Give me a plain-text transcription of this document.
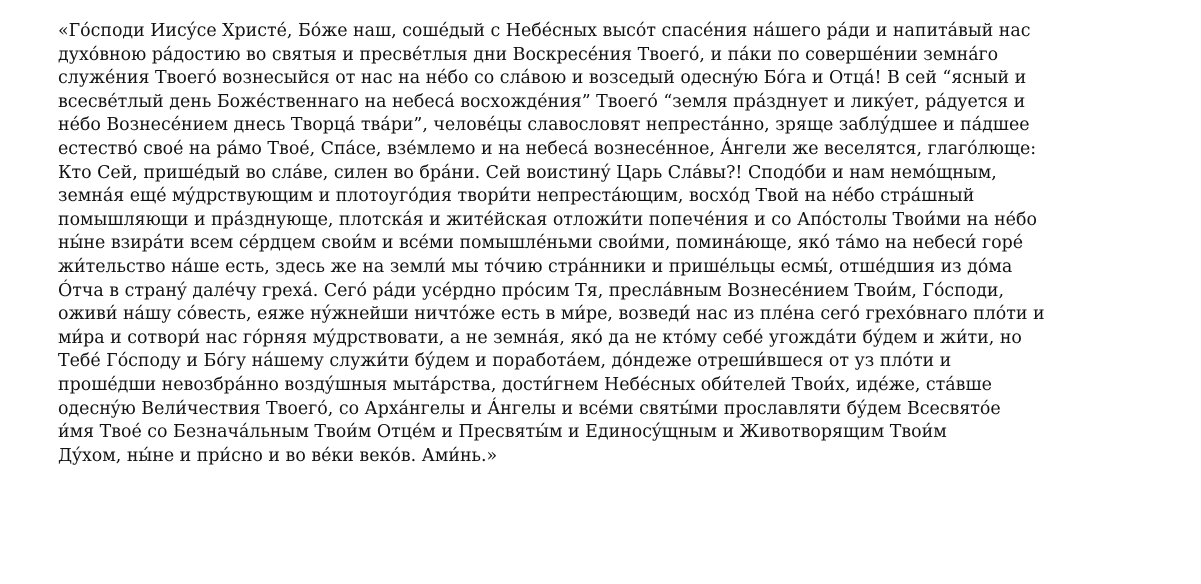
«Гóсподи Иисýсе Христé, Бóже наш, сошéдый с Небéсных высóт спасéния нáшего рáди и напитáвый нас
духóвною рáдостию во святыя и пресвéтлыя дни Воскресéния Твоегó, и пáки по совершéнии земнáго
служéния Твоегó вознесыйся от нас на нéбо со слáвою и возседый одеснýю Бóга и Отцá! В сей “ясный и
всесвéтлый день Божéственнаго на небесá восхождéния” Твоегó “земля прáзднует и ликýет, рáдуется и
нéбо Вознесéнием днесь Творцá твáри”, человéцы славословят непрестáнно, зряще заблýдшее и пáдшее
естествó своé на рáмо Твоé, Спáсе, взéмлемо и на небесá вознесéнное, Áнгели же веселятся, глагóлюще:
Кто Сей, пришéдый во слáве, силен во брáни. Сей воистинý Царь Слáвы?! Сподóби и нам немóщным,
земнáя ещé мýдрствующим и плотоугóдия твори́ти непрестáющим, восхóд Твой на нéбо стрáшный
помышляющи и прáзднующе, плотскáя и житéйская отложи́ти попечéния и со Апóстолы Твои́ми на нéбо
ны́не взирáти всем сéрдцем свои́м и всéми помышлéньми свои́ми, поминáюще, якó тáмо на небеси́ горé
жи́тельство нáше есть, здесь же на земли́ мы тóчию стрáнники и пришéльцы есмы́, отшéдшия из дóма
Óтча в странý далéчу грехá. Сегó рáди усéрдно прóсим Тя, преслáвным Вознесéнием Твои́м, Гóсподи,
оживи́ нáшу сóвесть, еяже нýжнейши ничтóже есть в ми́ре, возведи́ нас из плéна сегó грехóвнаго плóти и
ми́ра и сотвори́ нас гóрняя мýдрствовати, а не земнáя, якó да не ктóму себé угождáти бýдем и жи́ти, но
Тебé Гóсподу и Бóгу нáшему служи́ти бýдем и поработáем, дóндеже отреши́вшеся от уз плóти и
прошéдши невозбрáнно воздýшныя мытáрства, дости́гнем Небéсных оби́телей Твои́х, идéже, стáвше
одеснýю Вели́чествия Твоегó, со Архáнгелы и Áнгелы и всéми святы́ми прославляти бýдем Всесвятóе
и́мя Твоé со Безначáльным Твои́м Отцéм и Пресвяты́м и Единосýщным и Животворящим Твои́м
Дýхом, ны́не и при́сно и во вéки векóв. Ами́нь.»
